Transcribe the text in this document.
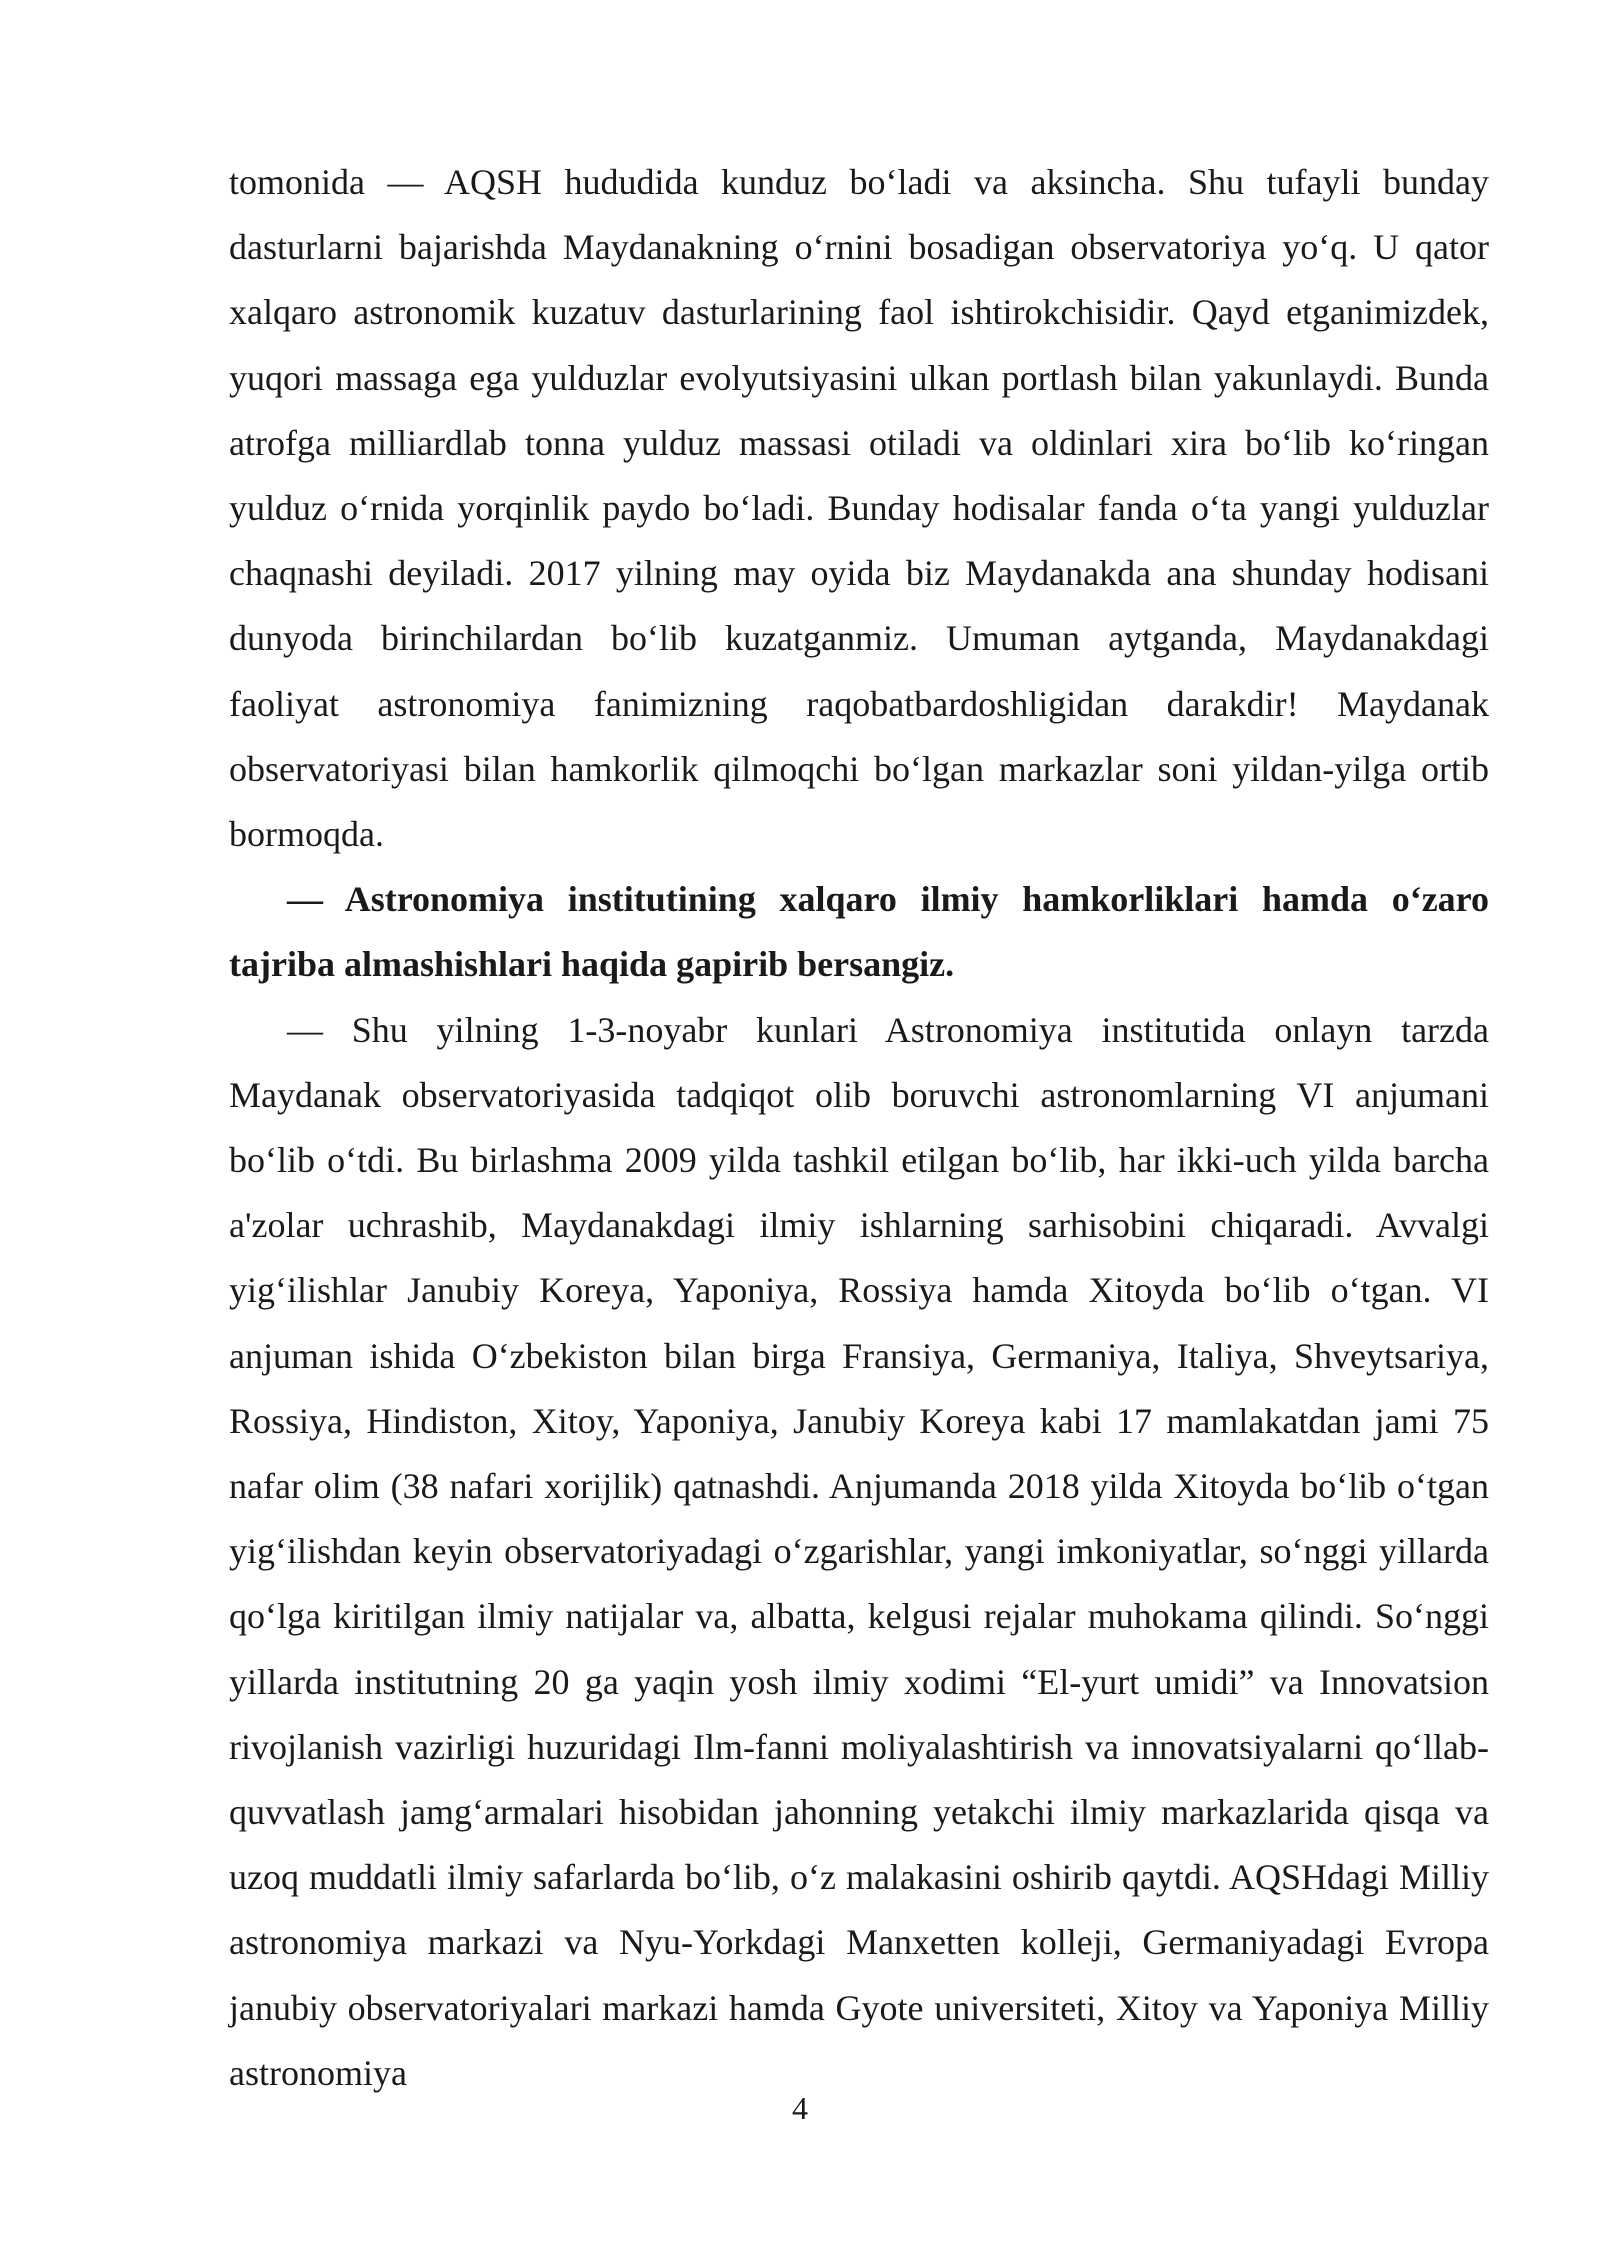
tomonida — AQSH hududida kunduz bo‘ladi va aksincha. Shu tufayli bunday dasturlarni bajarishda Maydanakning o‘rnini bosadigan observatoriya yo‘q. U qator xalqaro astronomik kuzatuv dasturlarining faol ishtirokchisidir. Qayd etganimizdek, yuqori massaga ega yulduzlar evolyutsiyasini ulkan portlash bilan yakunlaydi. Bunda atrofga milliardlab tonna yulduz massasi otiladi va oldinlari xira bo‘lib ko‘ringan yulduz o‘rnida yorqinlik paydo bo‘ladi. Bunday hodisalar fanda o‘ta yangi yulduzlar chaqnashi deyiladi. 2017 yilning may oyida biz Maydanakda ana shunday hodisani dunyoda birinchilardan bo‘lib kuzatganmiz. Umuman aytganda, Maydanakdagi faoliyat astronomiya fanimizning raqobatbardoshligidan darakdir! Maydanak observatoriyasi bilan hamkorlik qilmoqchi bo‘lgan markazlar soni yildan-yilga ortib bormoqda.

— Astronomiya institutining xalqaro ilmiy hamkorliklari hamda o‘zaro tajriba almashishlari haqida gapirib bersangiz.

— Shu yilning 1-3-noyabr kunlari Astronomiya institutida onlayn tarzda Maydanak observatoriyasida tadqiqot olib boruvchi astronomlarning VI anjumani bo‘lib o‘tdi. Bu birlashma 2009 yilda tashkil etilgan bo‘lib, har ikki-uch yilda barcha a'zolar uchrashib, Maydanakdagi ilmiy ishlarning sarhisobini chiqaradi. Avvalgi yig‘ilishlar Janubiy Koreya, Yaponiya, Rossiya hamda Xitoyda bo‘lib o‘tgan. VI anjuman ishida O‘zbekiston bilan birga Fransiya, Germaniya, Italiya, Shveytsariya, Rossiya, Hindiston, Xitoy, Yaponiya, Janubiy Koreya kabi 17 mamlakatdan jami 75 nafar olim (38 nafari xorijlik) qatnashdi. Anjumanda 2018 yilda Xitoyda bo‘lib o‘tgan yig‘ilishdan keyin observatoriyadagi o‘zgarishlar, yangi imkoniyatlar, so‘nggi yillarda qo‘lga kiritilgan ilmiy natijalar va, albatta, kelgusi rejalar muhokama qilindi. So‘nggi yillarda institutning 20 ga yaqin yosh ilmiy xodimi “El-yurt umidi” va Innovatsion rivojlanish vazirligi huzuridagi Ilm-fanni moliyalashtirish va innovatsiyalarni qo‘llab-quvvatlash jamg‘armalari hisobidan jahonning yetakchi ilmiy markazlarida qisqa va uzoq muddatli ilmiy safarlarda bo‘lib, o‘z malakasini oshirib qaytdi. AQSHdagi Milliy astronomiya markazi va Nyu-Yorkdagi Manxetten kolleji, Germaniyadagi Evropa janubiy observatoriyalari markazi hamda Gyote universiteti, Xitoy va Yaponiya Milliy astronomiya

4
